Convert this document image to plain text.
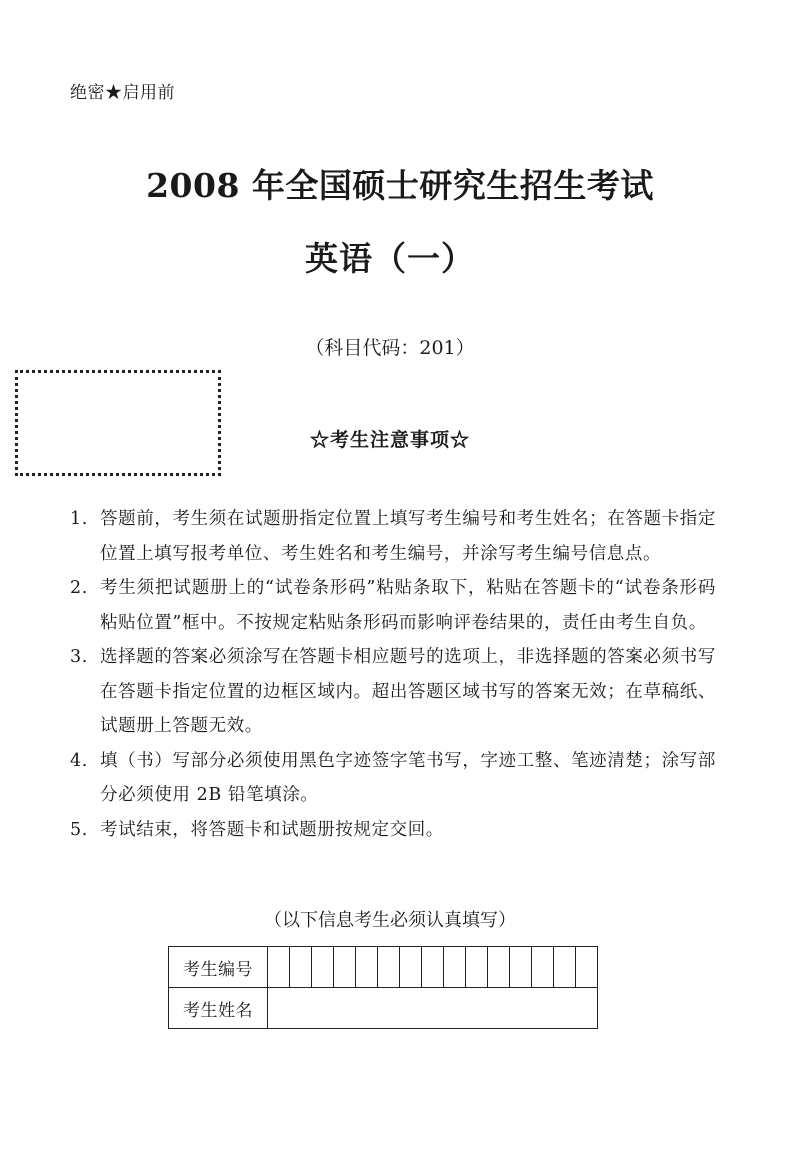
绝密★启用前
2008 年全国硕士研究生招生考试
英语（一）
（科目代码：201）
☆考生注意事项☆
1. 答题前，考生须在试题册指定位置上填写考生编号和考生姓名；在答题卡指定位置上填写报考单位、考生姓名和考生编号，并涂写考生编号信息点。
2. 考生须把试题册上的“试卷条形码”粘贴条取下，粘贴在答题卡的“试卷条形码粘贴位置”框中。不按规定粘贴条形码而影响评卷结果的，责任由考生自负。
3. 选择题的答案必须涂写在答题卡相应题号的选项上，非选择题的答案必须书写在答题卡指定位置的边框区域内。超出答题区域书写的答案无效；在草稿纸、试题册上答题无效。
4. 填（书）写部分必须使用黑色字迹签字笔书写，字迹工整、笔迹清楚；涂写部分必须使用 2B 铅笔填涂。
5. 考试结束，将答题卡和试题册按规定交回。
（以下信息考生必须认真填写）
考生编号															
考生姓名															
